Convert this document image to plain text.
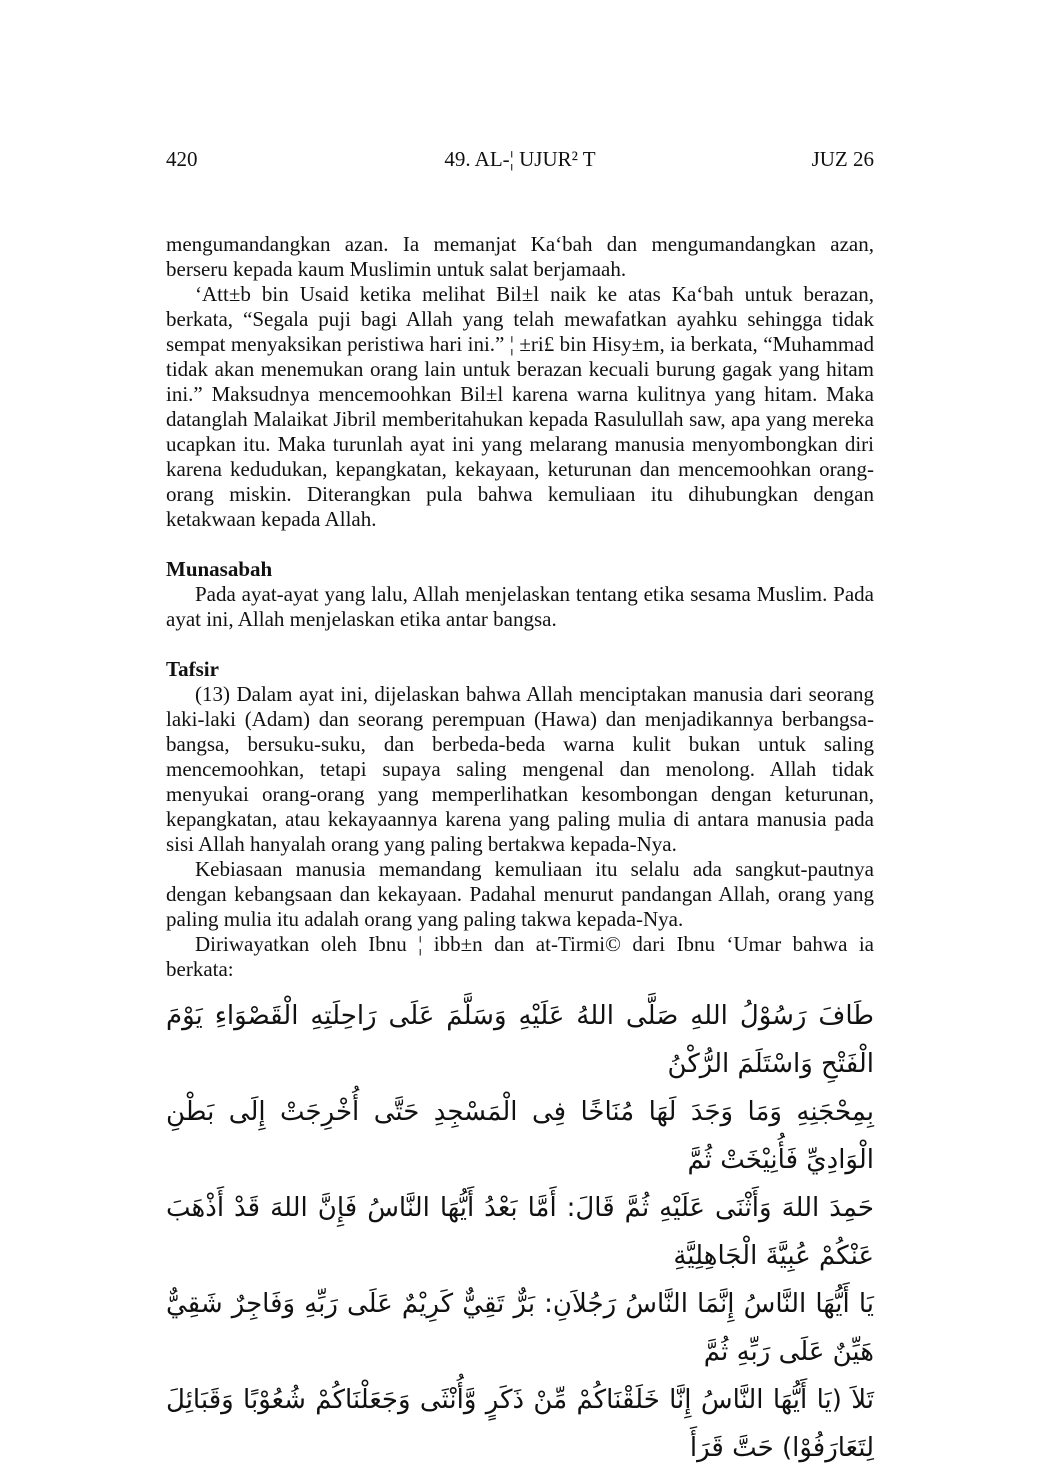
420	49. AL-¦ UJUR² T	JUZ 26

mengumandangkan azan. Ia memanjat Ka‘bah dan mengumandangkan azan, berseru kepada kaum Muslimin untuk salat berjamaah.

‘Att±b bin Usaid ketika melihat Bil±l naik ke atas Ka‘bah untuk berazan, berkata, “Segala puji bagi Allah yang telah mewafatkan ayahku sehingga tidak sempat menyaksikan peristiwa hari ini.” ¦ ±ri£ bin Hisy±m, ia berkata, “Muhammad tidak akan menemukan orang lain untuk berazan kecuali burung gagak yang hitam ini.” Maksudnya mencemoohkan Bil±l karena warna kulitnya yang hitam. Maka datanglah Malaikat Jibril memberitahukan kepada Rasulullah saw, apa yang mereka ucapkan itu. Maka turunlah ayat ini yang melarang manusia menyombongkan diri karena kedudukan, kepangkatan, kekayaan, keturunan dan mencemoohkan orang-orang miskin. Diterangkan pula bahwa kemuliaan itu dihubungkan dengan ketakwaan kepada Allah.

Munasabah

Pada ayat-ayat yang lalu, Allah menjelaskan tentang etika sesama Muslim. Pada ayat ini, Allah menjelaskan etika antar bangsa.

Tafsir

(13) Dalam ayat ini, dijelaskan bahwa Allah menciptakan manusia dari seorang laki-laki (Adam) dan seorang perempuan (Hawa) dan menjadikannya berbangsa-bangsa, bersuku-suku, dan berbeda-beda warna kulit bukan untuk saling mencemoohkan, tetapi supaya saling mengenal dan menolong. Allah tidak menyukai orang-orang yang memperlihatkan kesombongan dengan keturunan, kepangkatan, atau kekayaannya karena yang paling mulia di antara manusia pada sisi Allah hanyalah orang yang paling bertakwa kepada-Nya.

Kebiasaan manusia memandang kemuliaan itu selalu ada sangkut-pautnya dengan kebangsaan dan kekayaan. Padahal menurut pandangan Allah, orang yang paling mulia itu adalah orang yang paling takwa kepada-Nya.

Diriwayatkan oleh Ibnu ¦ ibb±n dan at-Tirmi© dari Ibnu ‘Umar bahwa ia berkata:

طَافَ رَسُوْلُ اللهِ صَلَّى اللهُ عَلَيْهِ وَسَلَّمَ عَلَى رَاحِلَتِهِ الْقَصْوَاءِ يَوْمَ الْفَتْحِ وَاسْتَلَمَ الرُّكْنُ
بِمِحْجَنِهِ وَمَا وَجَدَ لَهَا مُنَاخًا فِى الْمَسْجِدِ حَتَّى أُخْرِجَتْ إِلَى بَطْنِ الْوَادِيِّ فَأُنِيْخَتْ ثُمَّ
حَمِدَ اللهَ وَأَثْنَى عَلَيْهِ ثُمَّ قَالَ: أَمَّا بَعْدُ أَيُّهَا النَّاسُ فَإِنَّ اللهَ قَدْ أَذْهَبَ عَنْكُمْ عُبِيَّةَ الْجَاهِلِيَّةِ
يَا أَيُّهَا النَّاسُ إِنَّمَا النَّاسُ رَجُلاَنِ: بَرٌّ تَقِيٌّ كَرِيْمٌ عَلَى رَبِّهِ وَفَاجِرٌ شَقِيٌّ هَيِّنٌ عَلَى رَبِّهِ ثُمَّ
تَلاَ (يَا أَيُّهَا النَّاسُ إِنَّا خَلَقْنَاكُمْ مِّنْ ذَكَرٍ وَّأُنْثَى وَجَعَلْنَاكُمْ شُعُوْبًا وَقَبَائِلَ لِتَعَارَفُوْا) حَتَّ قَرَأَ
